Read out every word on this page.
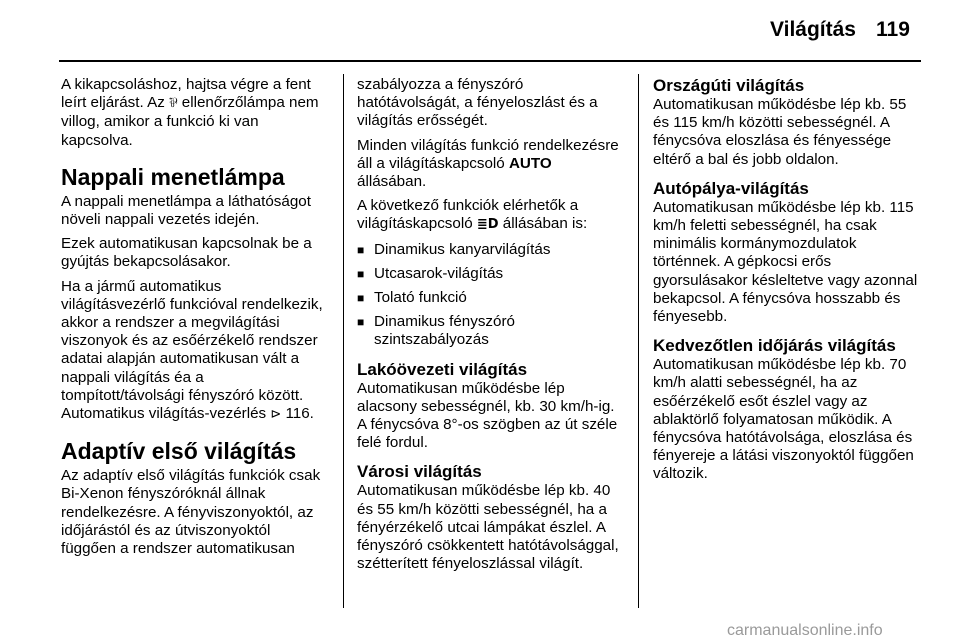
Világítás 119

A kikapcsoláshoz, hajtsa végre a fent leírt eljárást. Az ⅌ ellenőrzőlámpa nem villog, amikor a funkció ki van kapcsolva.

Nappali menetlámpa

A nappali menetlámpa a láthatóságot növeli nappali vezetés idején.

Ezek automatikusan kapcsolnak be a gyújtás bekapcsolásakor.

Ha a jármű automatikus világításvezérlő funkcióval rendelkezik, akkor a rendszer a megvilágítási viszonyok és az esőérzékelő rendszer adatai alapján automatikusan vált a nappali világítás éa a tompított/távolsági fényszóró között. Automatikus világítás-vezérlés ⊳ 116.

Adaptív első világítás

Az adaptív első világítás funkciók csak Bi-Xenon fényszóróknál állnak rendelkezésre. A fényviszonyoktól, az időjárástól és az útviszonyoktól függően a rendszer automatikusan

szabályozza a fényszóró hatótávolságát, a fényeloszlást és a világítás erősségét.

Minden világítás funkció rendelkezésre áll a világításkapcsoló AUTO állásában.

A következő funkciók elérhetők a világításkapcsoló ≣D állásában is:

■ Dinamikus kanyarvilágítás
■ Utcasarok-világítás
■ Tolató funkció
■ Dinamikus fényszóró szintszabályozás
Lakóövezeti világítás

Automatikusan működésbe lép alacsony sebességnél, kb. 30 km/h-ig. A fénycsóva 8°-os szögben az út széle felé fordul.

Városi világítás

Automatikusan működésbe lép kb. 40 és 55 km/h közötti sebességnél, ha a fényérzékelő utcai lámpákat észlel. A fényszóró csökkentett hatótávolsággal, szétterített fényeloszlással világít.

Országúti világítás

Automatikusan működésbe lép kb. 55 és 115 km/h közötti sebességnél. A fénycsóva eloszlása és fényessége eltérő a bal és jobb oldalon.

Autópálya-világítás

Automatikusan működésbe lép kb. 115 km/h feletti sebességnél, ha csak minimális kormánymozdulatok történnek. A gépkocsi erős gyorsulásakor késleltetve vagy azonnal bekapcsol. A fénycsóva hosszabb és fényesebb.

Kedvezőtlen időjárás világítás

Automatikusan működésbe lép kb. 70 km/h alatti sebességnél, ha az esőérzékelő esőt észlel vagy az ablaktörlő folyamatosan működik. A fénycsóva hatótávolsága, eloszlása és fényereje a látási viszonyoktól függően változik.

carmanualsonline.info
